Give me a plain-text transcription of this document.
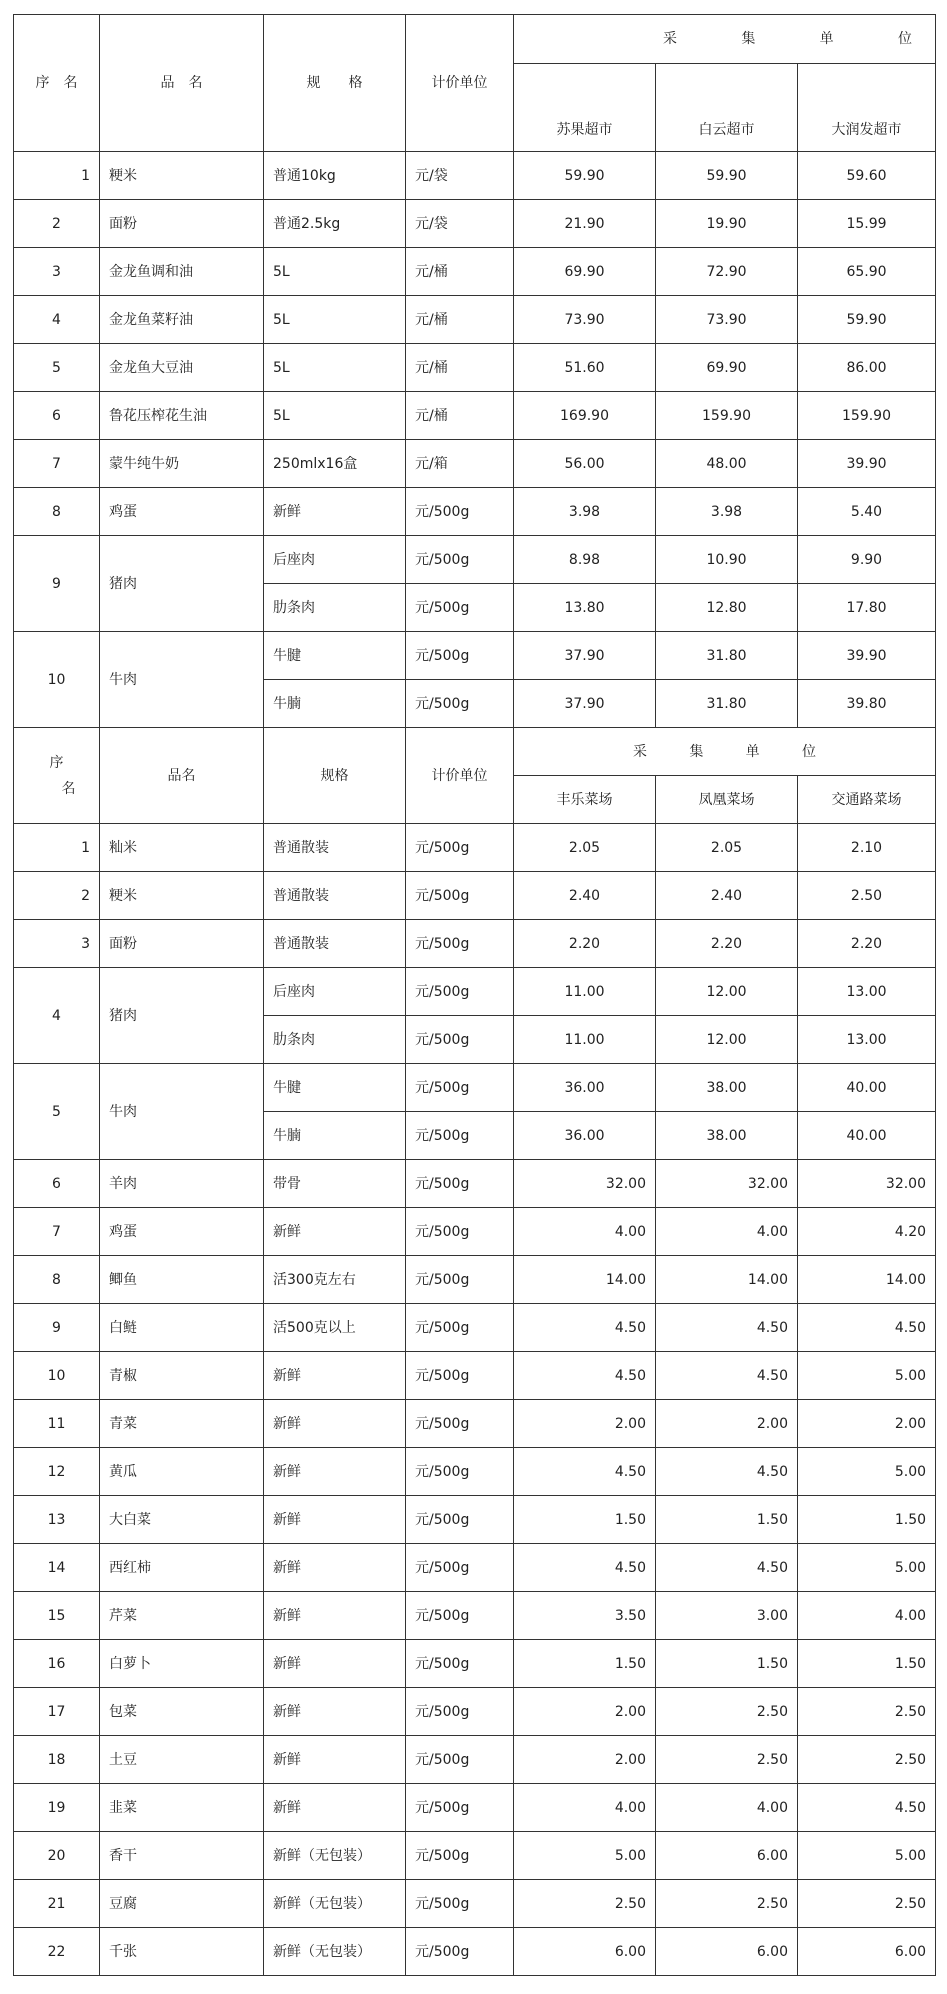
序　名	品　名	规　　格	计价单位	采 集 单 位		

				苏果超市	白云超市	大润发超市
1	粳米	普通10kg	元/袋	59.90	59.90	59.60
2	面粉	普通2.5kg	元/袋	21.90	19.90	15.99
3	金龙鱼调和油	5L	元/桶	69.90	72.90	65.90
4	金龙鱼菜籽油	5L	元/桶	73.90	73.90	59.90
5	金龙鱼大豆油	5L	元/桶	51.60	69.90	86.00
6	鲁花压榨花生油	5L	元/桶	169.90	159.90	159.90
7	蒙牛纯牛奶	250mlx16盒	元/箱	56.00	48.00	39.90
8	鸡蛋	新鲜	元/500g	3.98	3.98	5.40
9	猪肉	后座肉	元/500g	8.98	10.90	9.90
		肋条肉	元/500g	13.80	12.80	17.80
10	牛肉	牛腱	元/500g	37.90	31.80	39.90
		牛腩	元/500g	37.90	31.80	39.80

序
名	品名	规格	计价单位	采 集 单 位		

				丰乐菜场	凤凰菜场	交通路菜场
1	籼米	普通散装	元/500g	2.05	2.05	2.10
2	粳米	普通散装	元/500g	2.40	2.40	2.50
3	面粉	普通散装	元/500g	2.20	2.20	2.20
4	猪肉	后座肉	元/500g	11.00	12.00	13.00
		肋条肉	元/500g	11.00	12.00	13.00
5	牛肉	牛腱	元/500g	36.00	38.00	40.00
		牛腩	元/500g	36.00	38.00	40.00
6	羊肉	带骨	元/500g	32.00	32.00	32.00
7	鸡蛋	新鲜	元/500g	4.00	4.00	4.20
8	鲫鱼	活300克左右	元/500g	14.00	14.00	14.00
9	白鲢	活500克以上	元/500g	4.50	4.50	4.50
10	青椒	新鲜	元/500g	4.50	4.50	5.00
11	青菜	新鲜	元/500g	2.00	2.00	2.00
12	黄瓜	新鲜	元/500g	4.50	4.50	5.00
13	大白菜	新鲜	元/500g	1.50	1.50	1.50
14	西红柿	新鲜	元/500g	4.50	4.50	5.00
15	芹菜	新鲜	元/500g	3.50	3.00	4.00
16	白萝卜	新鲜	元/500g	1.50	1.50	1.50
17	包菜	新鲜	元/500g	2.00	2.50	2.50
18	土豆	新鲜	元/500g	2.00	2.50	2.50
19	韭菜	新鲜	元/500g	4.00	4.00	4.50
20	香干	新鲜（无包装）	元/500g	5.00	6.00	5.00
21	豆腐	新鲜（无包装）	元/500g	2.50	2.50	2.50
22	千张	新鲜（无包装）	元/500g	6.00	6.00	6.00
